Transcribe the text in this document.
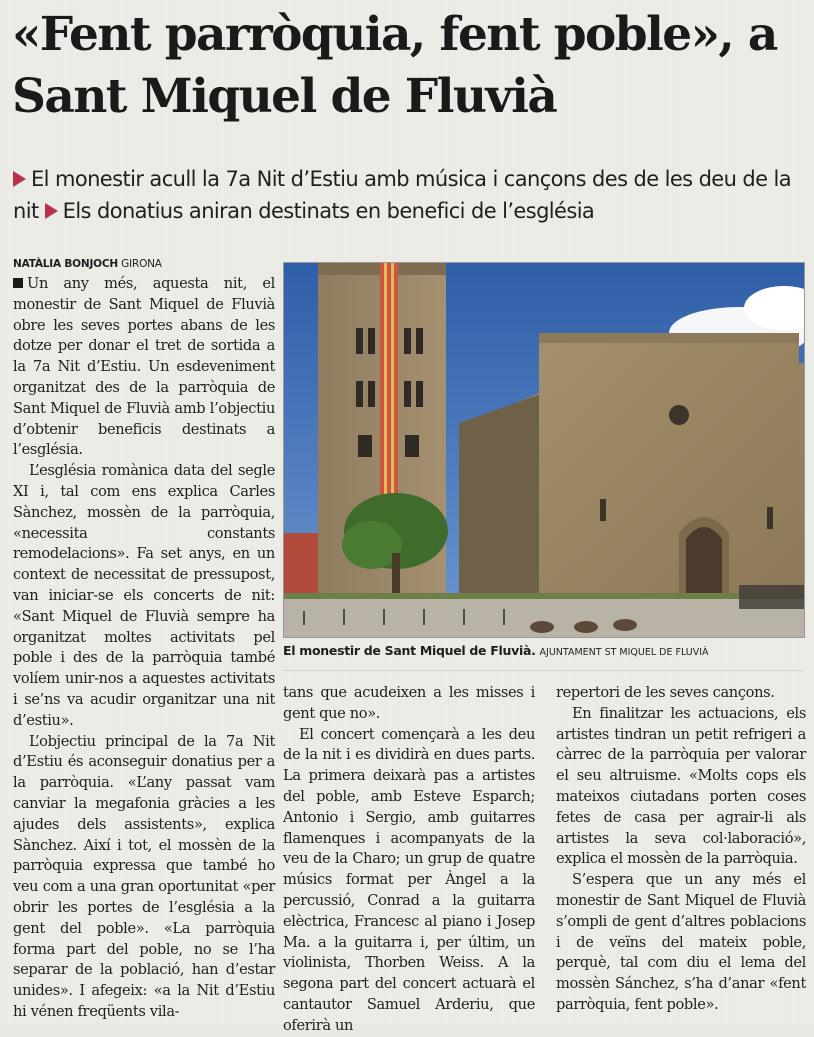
«Fent parròquia, fent poble», a Sant Miquel de Fluvià

El monestir acull la 7a Nit d’Estiu amb música i cançons des de les deu de la nit Els donatius aniran destinats en benefici de l’església

NATÀLIA BONJOCH GIRONA

Un any més, aquesta nit, el monestir de Sant Miquel de Fluvià obre les seves portes abans de les dotze per donar el tret de sortida a la 7a Nit d’Estiu. Un esdeveniment organitzat des de la parròquia de Sant Miquel de Fluvià amb l’objectiu d’obtenir beneficis destinats a l’església.

L’església romànica data del segle XI i, tal com ens explica Carles Sànchez, mossèn de la parròquia, «necessita constants remodelacions». Fa set anys, en un context de necessitat de pressupost, van iniciar-se els concerts de nit: «Sant Miquel de Fluvià sempre ha organitzat moltes activitats pel poble i des de la parròquia també volíem unir-nos a aquestes activitats i se’ns va acudir organitzar una nit d’estiu».

L’objectiu principal de la 7a Nit d’Estiu és aconseguir donatius per a la parròquia. «L’any passat vam canviar la megafonia gràcies a les ajudes dels assistents», explica Sànchez. Així i tot, el mossèn de la parròquia expressa que també ho veu com a una gran oportunitat «per obrir les portes de l’església a la gent del poble». «La parròquia forma part del poble, no se l’ha separar de la població, han d’estar unides». I afegeix: «a la Nit d’Estiu hi vénen freqüents vila-

El monestir de Sant Miquel de Fluvià. AJUNTAMENT ST MIQUEL DE FLUVIÀ

tans que acudeixen a les misses i gent que no».

El concert començarà a les deu de la nit i es dividirà en dues parts. La primera deixarà pas a artistes del poble, amb Esteve Esparch; Antonio i Sergio, amb guitarres flamenques i acompanyats de la veu de la Charo; un grup de quatre músics format per Àngel a la percussió, Conrad a la guitarra elèctrica, Francesc al piano i Josep Ma. a la guitarra i, per últim, un violinista, Thorben Weiss. A la segona part del concert actuarà el cantautor Samuel Arderiu, que oferirà un

repertori de les seves cançons.

En finalitzar les actuacions, els artistes tindran un petit refrigeri a càrrec de la parròquia per valorar el seu altruisme. «Molts cops els mateixos ciutadans porten coses fetes de casa per agrair-li als artistes la seva col·laboració», explica el mossèn de la parròquia.

S’espera que un any més el monestir de Sant Miquel de Fluvià s’ompli de gent d’altres poblacions i de veïns del mateix poble, perquè, tal com diu el lema del mossèn Sánchez, s’ha d’anar «fent parròquia, fent poble».
